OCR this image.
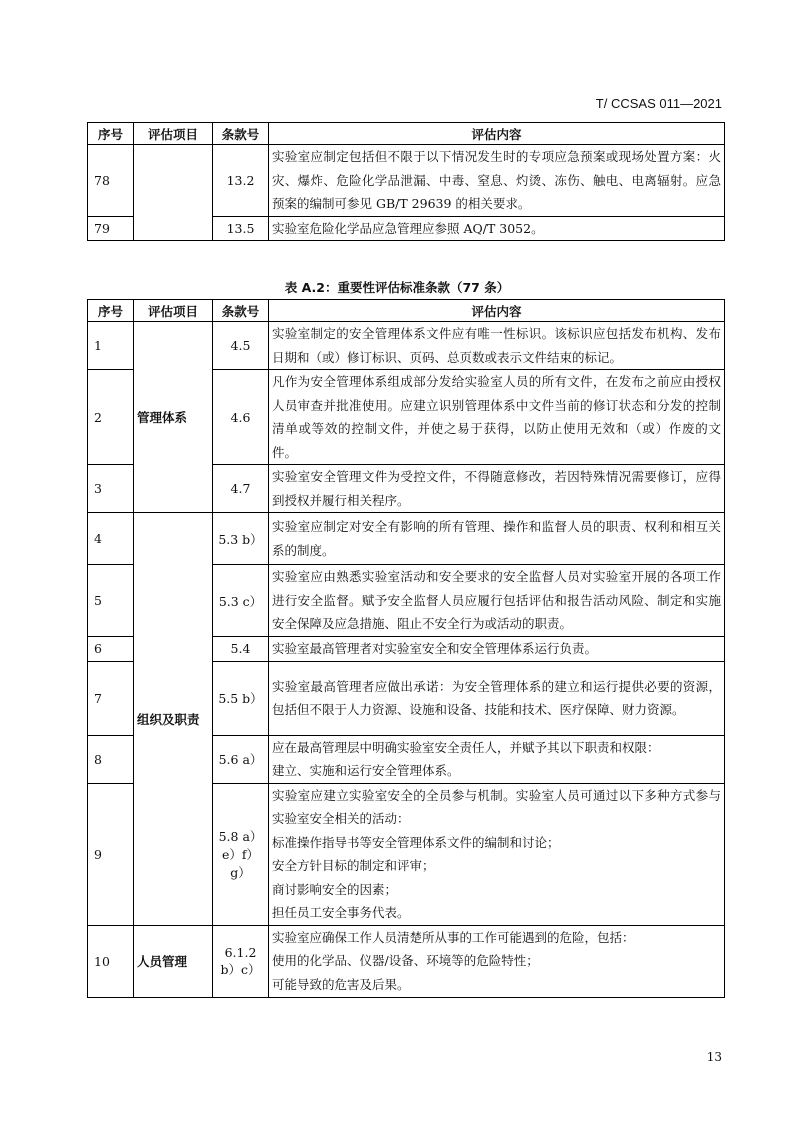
T/ CCSAS 011—2021
序号	评估项目	条款号	评估内容
78		13.2	实验室应制定包括但不限于以下情况发生时的专项应急预案或现场处置方案：火灾、爆炸、危险化学品泄漏、中毒、窒息、灼烫、冻伤、触电、电离辐射。应急预案的编制可参见 GB/T 29639 的相关要求。
79		13.5	实验室危险化学品应急管理应参照 AQ/T 3052。
表 A.2：重要性评估标准条款（77 条）
序号	评估项目	条款号	评估内容
1	管理体系	4.5	实验室制定的安全管理体系文件应有唯一性标识。该标识应包括发布机构、发布日期和（或）修订标识、页码、总页数或表示文件结束的标记。
2		4.6	凡作为安全管理体系组成部分发给实验室人员的所有文件，在发布之前应由授权人员审查并批准使用。应建立识别管理体系中文件当前的修订状态和分发的控制清单或等效的控制文件，并使之易于获得，以防止使用无效和（或）作废的文件。
3		4.7	实验室安全管理文件为受控文件，不得随意修改，若因特殊情况需要修订，应得到授权并履行相关程序。
4	组织及职责	5.3 b）	实验室应制定对安全有影响的所有管理、操作和监督人员的职责、权利和相互关系的制度。
5		5.3 c）	实验室应由熟悉实验室活动和安全要求的安全监督人员对实验室开展的各项工作进行安全监督。赋予安全监督人员应履行包括评估和报告活动风险、制定和实施安全保障及应急措施、阻止不安全行为或活动的职责。
6		5.4	实验室最高管理者对实验室安全和安全管理体系运行负责。
7		5.5 b）	实验室最高管理者应做出承诺：为安全管理体系的建立和运行提供必要的资源，包括但不限于人力资源、设施和设备、技能和技术、医疗保障、财力资源。
8		5.6 a）	应在最高管理层中明确实验室安全责任人，并赋予其以下职责和权限：
建立、实施和运行安全管理体系。

9		5.8 a）e）f）g）	实验室应建立实验室安全的全员参与机制。实验室人员可通过以下多种方式参与实验室安全相关的活动：
标准操作指导书等安全管理体系文件的编制和讨论；
安全方针目标的制定和评审；
商讨影响安全的因素；
担任员工安全事务代表。

10	人员管理	6.1.2 b）c）	实验室应确保工作人员清楚所从事的工作可能遇到的危险，包括：
使用的化学品、仪器/设备、环境等的危险特性；
可能导致的危害及后果。
13
